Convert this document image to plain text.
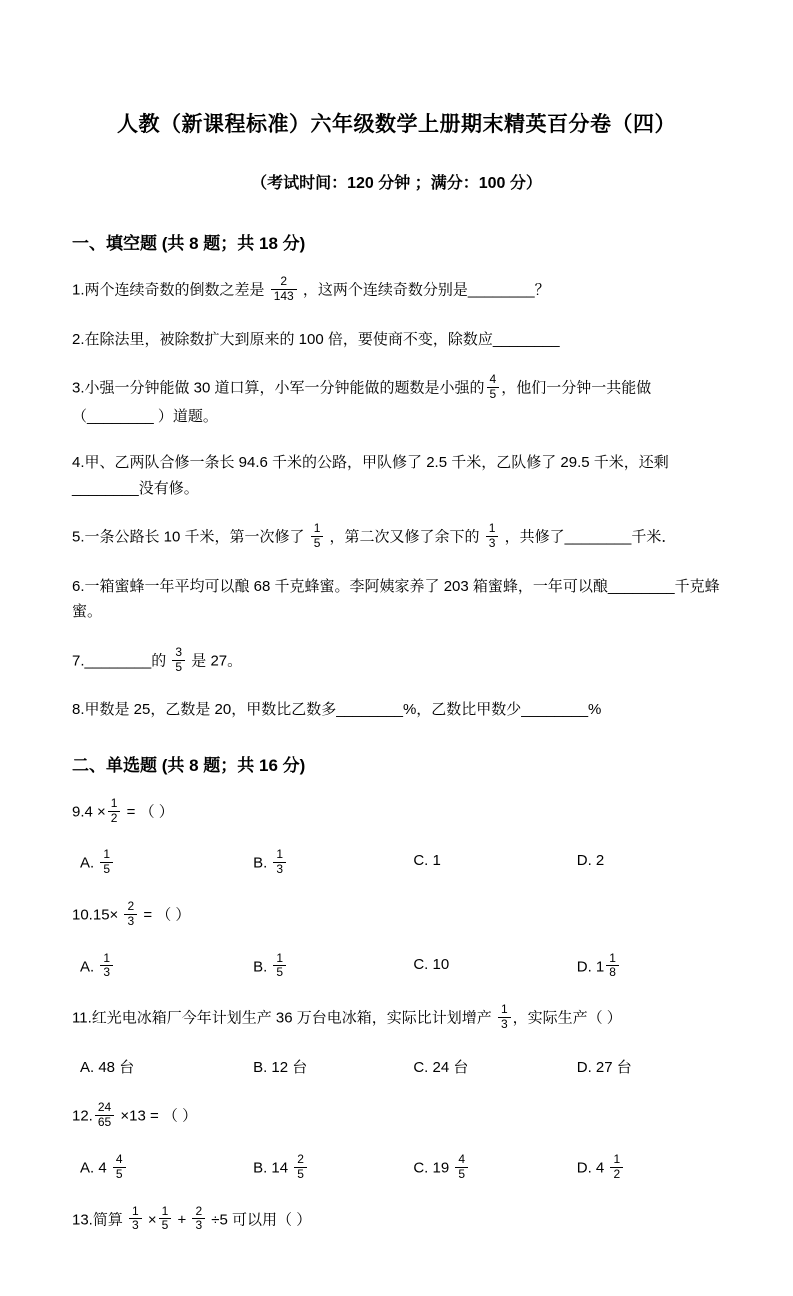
人教（新课程标准）六年级数学上册期末精英百分卷（四）
（考试时间：120 分钟 ；满分：100 分）
一、填空题 (共 8 题；共 18 分)
1.两个连续奇数的倒数之差是 $\frac{2}{143}$ ，这两个连续奇数分别是________？
2.在除法里，被除数扩大到原来的 100 倍，要使商不变，除数应________
3.小强一分钟能做 30 道口算，小军一分钟能做的题数是小强的 $\frac{4}{5}$ ，他们一分钟一共能做（________ ）道题。
4.甲、乙两队合修一条长 94.6 千米的公路，甲队修了 2.5 千米，乙队修了 29.5 千米，还剩________没有修。
5.一条公路长 10 千米，第一次修了 $\frac{1}{5}$ ，第二次又修了余下的 $\frac{1}{3}$ ，共修了________千米．
6.一箱蜜蜂一年平均可以酿 68 千克蜂蜜。李阿姨家养了 203 箱蜜蜂，一年可以酿________千克蜂蜜。
7.________的 $\frac{3}{5}$ 是 27。
8.甲数是 25，乙数是 20，甲数比乙数多________%，乙数比甲数少________%
二、单选题 (共 8 题；共 16 分)
$9.4 \times \frac{1}{2}$ = （ ）
A. $\frac{1}{5}$	B. $\frac{1}{3}$	C. 1	D. 2
$10.15\times \frac{2}{3}$ = （ ）
A. $\frac{1}{3}$	B. $\frac{1}{5}$	C. 10	D. $1 \frac{1}{8}$
11.红光电冰箱厂今年计划生产 36 万台电冰箱，实际比计划增产 $\frac{1}{3}$ ，实际生产（ ）
A. 48 台	B. 12 台	C. 24 台	D. 27 台
12. $\frac{24}{65} \times 13$ = （ ）
A. $4 \frac{4}{5}$	B. $14 \frac{2}{5}$	C. $19 \frac{4}{5}$	D. $4 \frac{1}{2}$
13.简算 $\frac{1}{3} \times \frac{1}{5} + \frac{2}{3} \div 5$ 可以用（ ）
